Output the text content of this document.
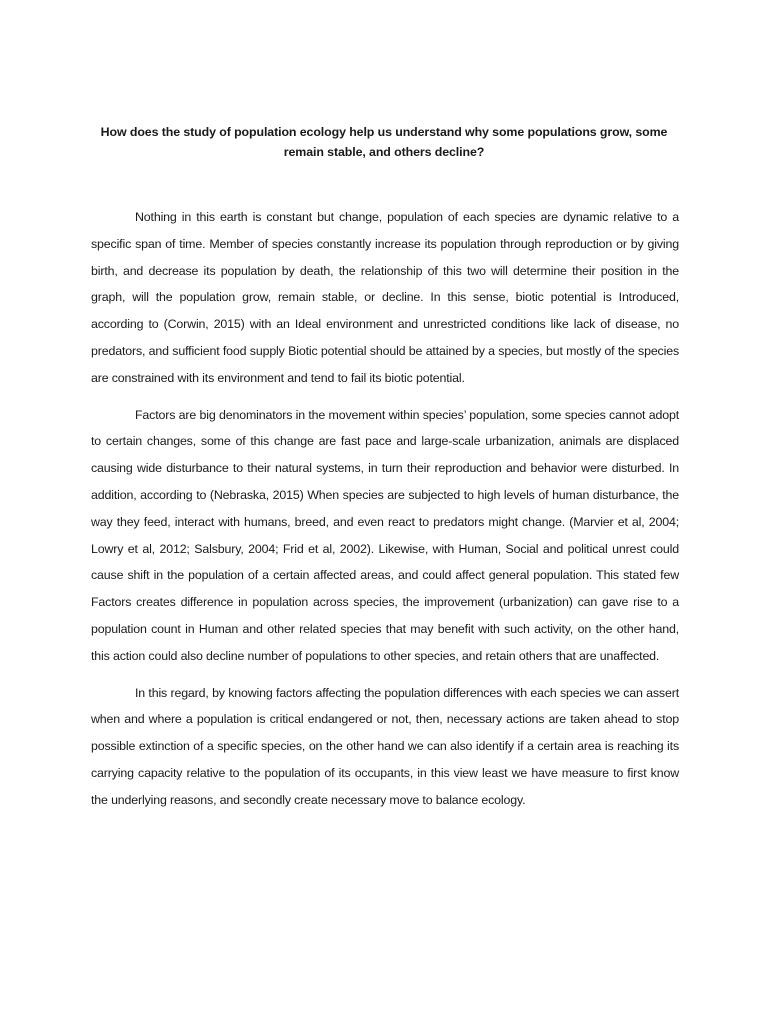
How does the study of population ecology help us understand why some populations grow, some remain stable, and others decline?

Nothing in this earth is constant but change, population of each species are dynamic relative to a specific span of time. Member of species constantly increase its population through reproduction or by giving birth, and decrease its population by death, the relationship of this two will determine their position in the graph, will the population grow, remain stable, or decline. In this sense, biotic potential is Introduced, according to (Corwin, 2015) with an Ideal environment and unrestricted conditions like lack of disease, no predators, and sufficient food supply Biotic potential should be attained by a species, but mostly of the species are constrained with its environment and tend to fail its biotic potential.

Factors are big denominators in the movement within species’ population, some species cannot adopt to certain changes, some of this change are fast pace and large-scale urbanization, animals are displaced causing wide disturbance to their natural systems, in turn their reproduction and behavior were disturbed. In addition, according to (Nebraska, 2015) When species are subjected to high levels of human disturbance, the way they feed, interact with humans, breed, and even react to predators might change. (Marvier et al, 2004; Lowry et al, 2012; Salsbury, 2004; Frid et al, 2002). Likewise, with Human, Social and political unrest could cause shift in the population of a certain affected areas, and could affect general population. This stated few Factors creates difference in population across species, the improvement (urbanization) can gave rise to a population count in Human and other related species that may benefit with such activity, on the other hand, this action could also decline number of populations to other species, and retain others that are unaffected.

In this regard, by knowing factors affecting the population differences with each species we can assert when and where a population is critical endangered or not, then, necessary actions are taken ahead to stop possible extinction of a specific species, on the other hand we can also identify if a certain area is reaching its carrying capacity relative to the population of its occupants, in this view least we have measure to first know the underlying reasons, and secondly create necessary move to balance ecology.
